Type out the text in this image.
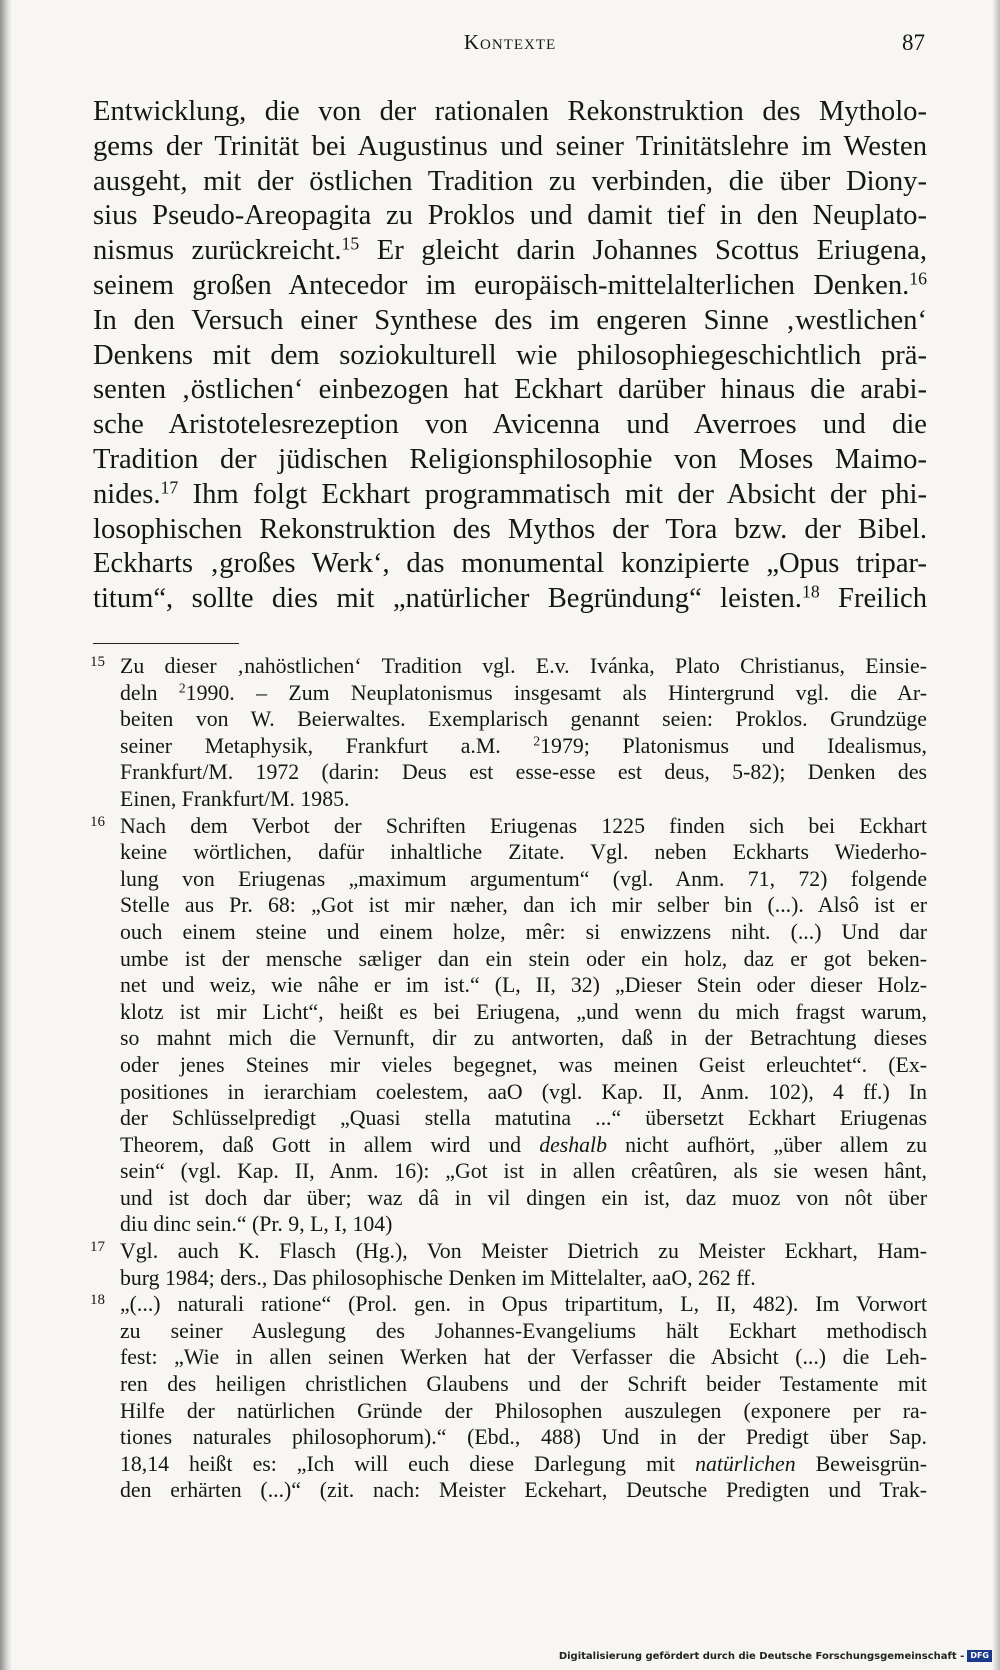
Kontexte	87
Entwicklung, die von der rationalen Rekonstruktion des Mytholo-
gems der Trinität bei Augustinus und seiner Trinitätslehre im Westen
ausgeht, mit der östlichen Tradition zu verbinden, die über Diony-
sius Pseudo-Areopagita zu Proklos und damit tief in den Neuplato-
nismus zurückreicht.$^{15}$ Er gleicht darin Johannes Scottus Eriugena,
seinem großen Antecedor im europäisch-mittelalterlichen Denken.$^{16}$
In den Versuch einer Synthese des im engeren Sinne ‚westlichen‘
Denkens mit dem soziokulturell wie philosophiegeschichtlich prä-
senten ‚östlichen‘ einbezogen hat Eckhart darüber hinaus die arabi-
sche Aristotelesrezeption von Avicenna und Averroes und die
Tradition der jüdischen Religionsphilosophie von Moses Maimo-
nides.$^{17}$ Ihm folgt Eckhart programmatisch mit der Absicht der phi-
losophischen Rekonstruktion des Mythos der Tora bzw. der Bibel.
Eckharts ‚großes Werk‘, das monumental konzipierte „Opus tripar-
titum“, sollte dies mit „natürlicher Begründung“ leisten.$^{18}$ Freilich
15 Zu dieser ‚nahöstlichen‘ Tradition vgl. E.v. Ivánka, Plato Christianus, Einsie-
deln $^2$1990. – Zum Neuplatonismus insgesamt als Hintergrund vgl. die Ar-
beiten von W. Beierwaltes. Exemplarisch genannt seien: Proklos. Grundzüge
seiner Metaphysik, Frankfurt a.M. $^2$1979; Platonismus und Idealismus,
Frankfurt/M. 1972 (darin: Deus est esse-esse est deus, 5-82); Denken des
Einen, Frankfurt/M. 1985.
16 Nach dem Verbot der Schriften Eriugenas 1225 finden sich bei Eckhart
keine wörtlichen, dafür inhaltliche Zitate. Vgl. neben Eckharts Wiederho-
lung von Eriugenas „maximum argumentum“ (vgl. Anm. 71, 72) folgende
Stelle aus Pr. 68: „Got ist mir næher, dan ich mir selber bin (...). Alsô ist er
ouch einem steine und einem holze, mêr: si enwizzens niht. (...) Und dar
umbe ist der mensche sæliger dan ein stein oder ein holz, daz er got beken-
net und weiz, wie nâhe er im ist.“ (L, II, 32) „Dieser Stein oder dieser Holz-
klotz ist mir Licht“, heißt es bei Eriugena, „und wenn du mich fragst warum,
so mahnt mich die Vernunft, dir zu antworten, daß in der Betrachtung dieses
oder jenes Steines mir vieles begegnet, was meinen Geist erleuchtet“. (Ex-
positiones in ierarchiam coelestem, aaO (vgl. Kap. II, Anm. 102), 4 ff.) In
der Schlüsselpredigt „Quasi stella matutina ...“ übersetzt Eckhart Eriugenas
Theorem, daß Gott in allem wird und deshalb nicht aufhört, „über allem zu
sein“ (vgl. Kap. II, Anm. 16): „Got ist in allen crêatûren, als sie wesen hânt,
und ist doch dar über; waz dâ in vil dingen ein ist, daz muoz von nôt über
diu dinc sein.“ (Pr. 9, L, I, 104)
17 Vgl. auch K. Flasch (Hg.), Von Meister Dietrich zu Meister Eckhart, Ham-
burg 1984; ders., Das philosophische Denken im Mittelalter, aaO, 262 ff.
18 „(...) naturali ratione“ (Prol. gen. in Opus tripartitum, L, II, 482). Im Vorwort
zu seiner Auslegung des Johannes-Evangeliums hält Eckhart methodisch
fest: „Wie in allen seinen Werken hat der Verfasser die Absicht (...) die Leh-
ren des heiligen christlichen Glaubens und der Schrift beider Testamente mit
Hilfe der natürlichen Gründe der Philosophen auszulegen (exponere per ra-
tiones naturales philosophorum).“ (Ebd., 488) Und in der Predigt über Sap.
18,14 heißt es: „Ich will euch diese Darlegung mit natürlichen Beweisgrün-
den erhärten (...)“ (zit. nach: Meister Eckehart, Deutsche Predigten und Trak-
Digitalisierung gefördert durch die Deutsche Forschungsgemeinschaft - DFG
